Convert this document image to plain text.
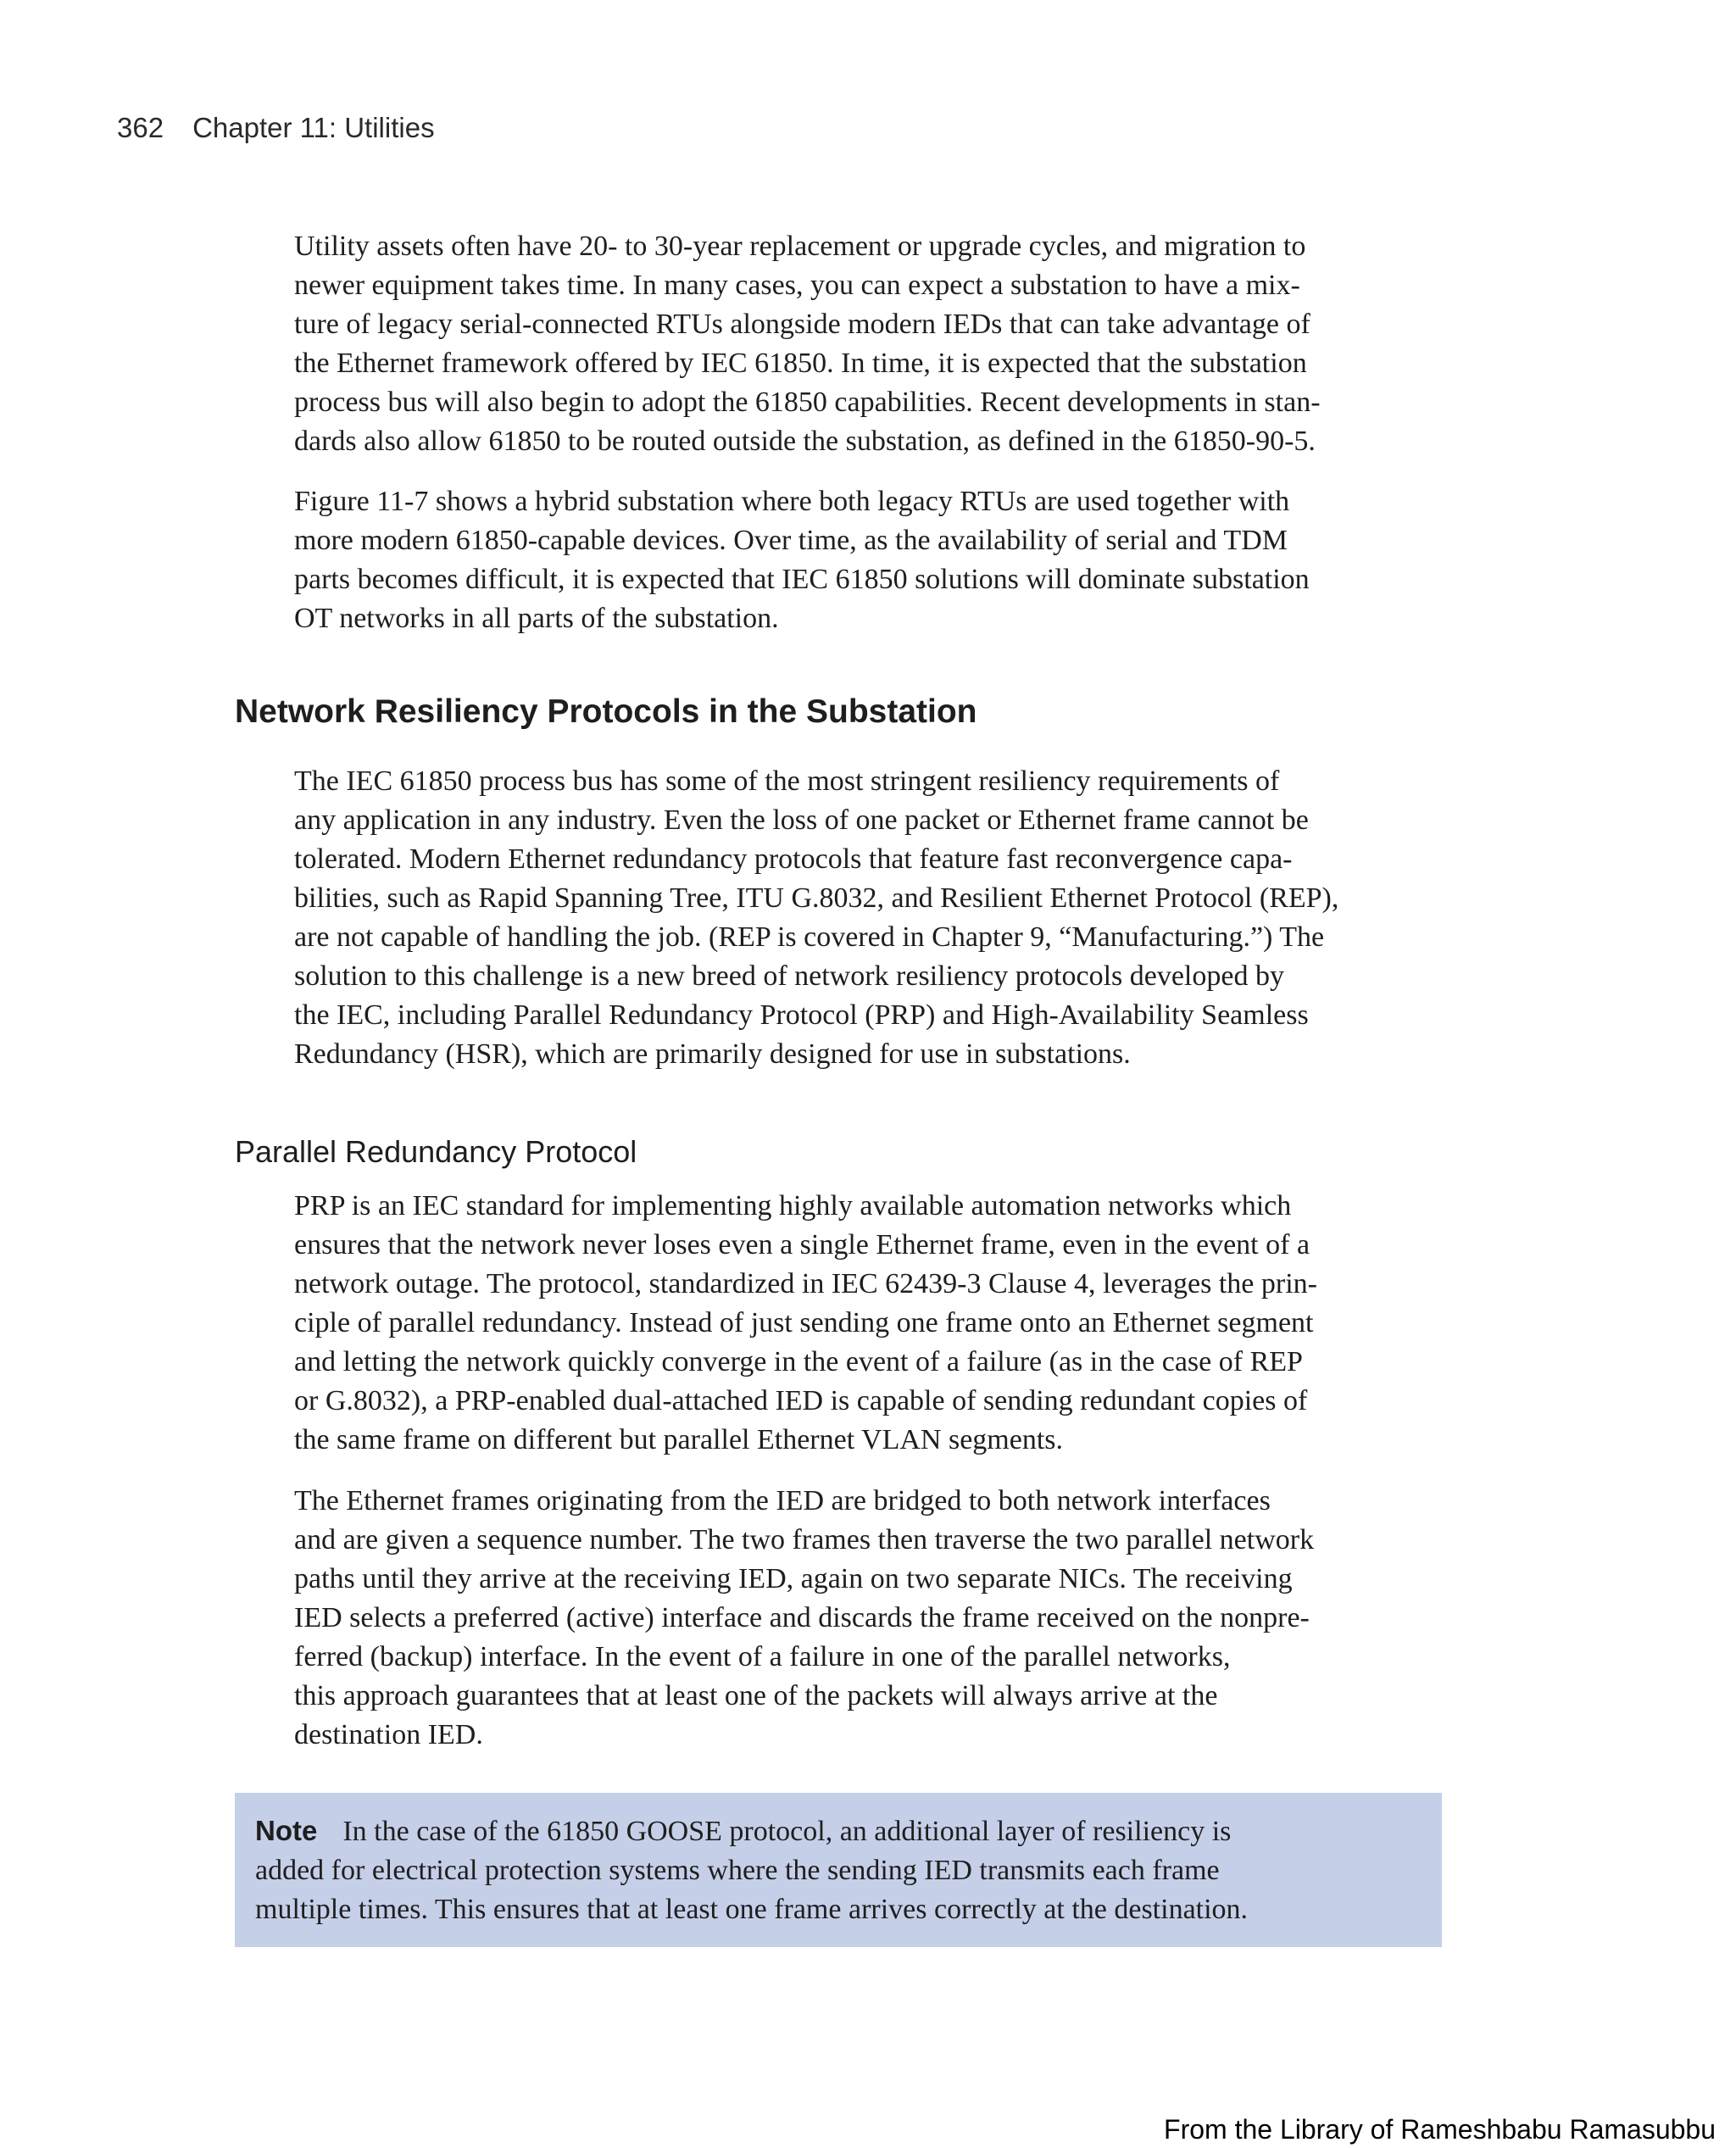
362 Chapter 11: Utilities

Utility assets often have 20- to 30-year replacement or upgrade cycles, and migration to
newer equipment takes time. In many cases, you can expect a substation to have a mix-
ture of legacy serial-connected RTUs alongside modern IEDs that can take advantage of
the Ethernet framework offered by IEC 61850. In time, it is expected that the substation
process bus will also begin to adopt the 61850 capabilities. Recent developments in stan-
dards also allow 61850 to be routed outside the substation, as defined in the 61850-90-5.

Figure 11-7 shows a hybrid substation where both legacy RTUs are used together with
more modern 61850-capable devices. Over time, as the availability of serial and TDM
parts becomes difficult, it is expected that IEC 61850 solutions will dominate substation
OT networks in all parts of the substation.

Network Resiliency Protocols in the Substation

The IEC 61850 process bus has some of the most stringent resiliency requirements of
any application in any industry. Even the loss of one packet or Ethernet frame cannot be
tolerated. Modern Ethernet redundancy protocols that feature fast reconvergence capa-
bilities, such as Rapid Spanning Tree, ITU G.8032, and Resilient Ethernet Protocol (REP),
are not capable of handling the job. (REP is covered in Chapter 9, “Manufacturing.”) The
solution to this challenge is a new breed of network resiliency protocols developed by
the IEC, including Parallel Redundancy Protocol (PRP) and High-Availability Seamless
Redundancy (HSR), which are primarily designed for use in substations.

Parallel Redundancy Protocol

PRP is an IEC standard for implementing highly available automation networks which
ensures that the network never loses even a single Ethernet frame, even in the event of a
network outage. The protocol, standardized in IEC 62439-3 Clause 4, leverages the prin-
ciple of parallel redundancy. Instead of just sending one frame onto an Ethernet segment
and letting the network quickly converge in the event of a failure (as in the case of REP
or G.8032), a PRP-enabled dual-attached IED is capable of sending redundant copies of
the same frame on different but parallel Ethernet VLAN segments.

The Ethernet frames originating from the IED are bridged to both network interfaces
and are given a sequence number. The two frames then traverse the two parallel network
paths until they arrive at the receiving IED, again on two separate NICs. The receiving
IED selects a preferred (active) interface and discards the frame received on the nonpre-
ferred (backup) interface. In the event of a failure in one of the parallel networks,
this approach guarantees that at least one of the packets will always arrive at the
destination IED.

Note In the case of the 61850 GOOSE protocol, an additional layer of resiliency is
added for electrical protection systems where the sending IED transmits each frame
multiple times. This ensures that at least one frame arrives correctly at the destination.

From the Library of Rameshbabu Ramasubbu
